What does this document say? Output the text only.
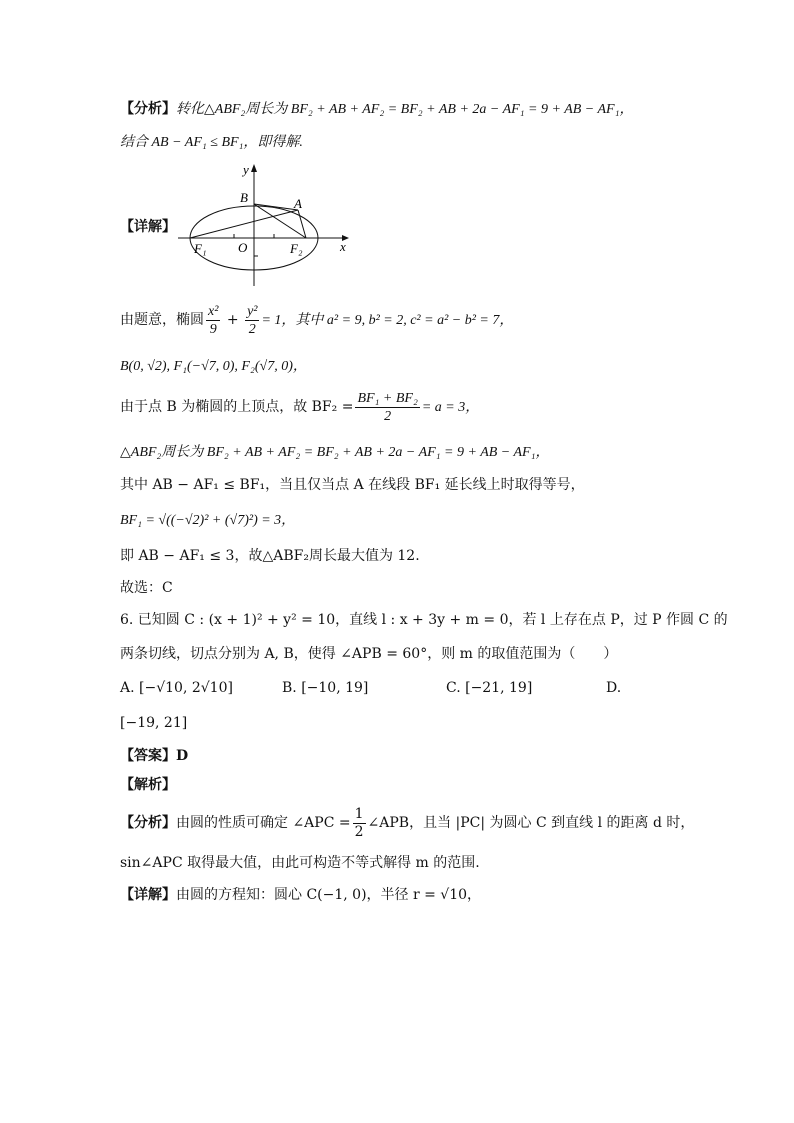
【分析】转化△ABF₂周长为 BF₂ + AB + AF₂ = BF₂ + AB + 2a − AF₁ = 9 + AB − AF₁，
结合 AB − AF₁ ≤ BF₁，即得解.
【详解】
y
x
B	A
O
F₁	F₂
由题意，椭圆 $\frac{\text{x²}}{9} + \frac{\text{y²}}{2} = 1$，其中 a² = 9, b² = 2, c² = a² − b² = 7，
B(0, √2), F₁(−√7, 0), F₂(√7, 0)，
由于点 B 为椭圆的上顶点，故 $BF_2 = \frac{\text{BF₁ + BF₂}}{2} = a = 3$，
△ABF₂周长为 BF₂ + AB + AF₂ = BF₂ + AB + 2a − AF₁ = 9 + AB − AF₁，
其中 AB − AF₁ ≤ BF₁，当且仅当点 A 在线段 BF₁ 延长线上时取得等号，
BF₁ = √((−√2)² + (√7)²) = 3，
即 AB − AF₁ ≤ 3，故△ABF₂周长最大值为 12.
故选：C
6. 已知圆 C : (x + 1)² + y² = 10，直线 l : x + 3y + m = 0，若 l 上存在点 P，过 P 作圆 C 的
两条切线，切点分别为 A, B，使得 ∠APB = 60°，则 m 的取值范围为（　　）
A. [−√10, 2√10]	B. [−10, 19]	C. [−21, 19]	D.
[−19, 21]
【答案】D
【解析】
【分析】由圆的性质可确定 ∠APC = $\frac{1}{2}$ ∠APB，且当 |PC| 为圆心 C 到直线 l 的距离 d 时，
sin∠APC 取得最大值，由此可构造不等式解得 m 的范围.
【详解】由圆的方程知：圆心 C(−1, 0)，半径 r = √10，
